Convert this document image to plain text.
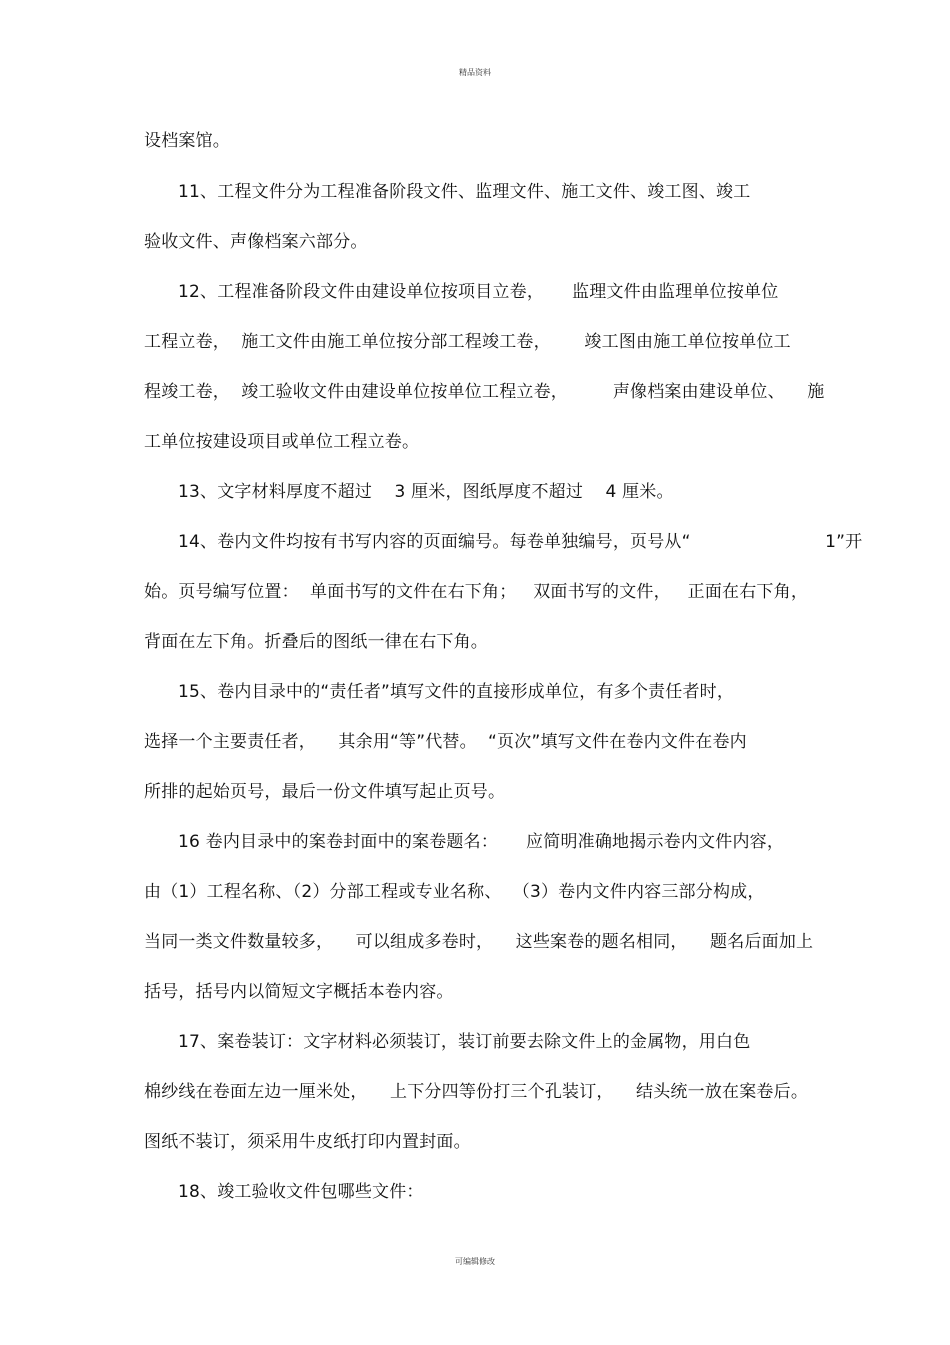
精品资料
设档案馆。
11、工程文件分为工程准备阶段文件、监理文件、施工文件、竣工图、竣工
验收文件、声像档案六部分。
12、工程准备阶段文件由建设单位按项目立卷，     监理文件由监理单位按单位
工程立卷，  施工文件由施工单位按分部工程竣工卷，      竣工图由施工单位按单位工
程竣工卷，  竣工验收文件由建设单位按单位工程立卷，        声像档案由建设单位、    施
工单位按建设项目或单位工程立卷。
13、文字材料厚度不超过    3 厘米，图纸厚度不超过    4 厘米。
14、卷内文件均按有书写内容的页面编号。每卷单独编号，页号从“                        1”开
始。页号编写位置：  单面书写的文件在右下角；   双面书写的文件，   正面在右下角，
背面在左下角。折叠后的图纸一律在右下角。
15、卷内目录中的“责任者”填写文件的直接形成单位，有多个责任者时，
选择一个主要责任者，    其余用“等”代替。  “页次”填写文件在卷内文件在卷内
所排的起始页号，最后一份文件填写起止页号。
16 卷内目录中的案卷封面中的案卷题名：     应简明准确地揭示卷内文件内容，
由（1）工程名称、（2）分部工程或专业名称、  （3）卷内文件内容三部分构成，
当同一类文件数量较多，    可以组成多卷时，    这些案卷的题名相同，    题名后面加上
括号，括号内以简短文字概括本卷内容。
17、案卷装订：文字材料必须装订，装订前要去除文件上的金属物，用白色
棉纱线在卷面左边一厘米处，    上下分四等份打三个孔装订，    结头统一放在案卷后。
图纸不装订，须采用牛皮纸打印内置封面。
18、竣工验收文件包哪些文件：
可编辑修改
